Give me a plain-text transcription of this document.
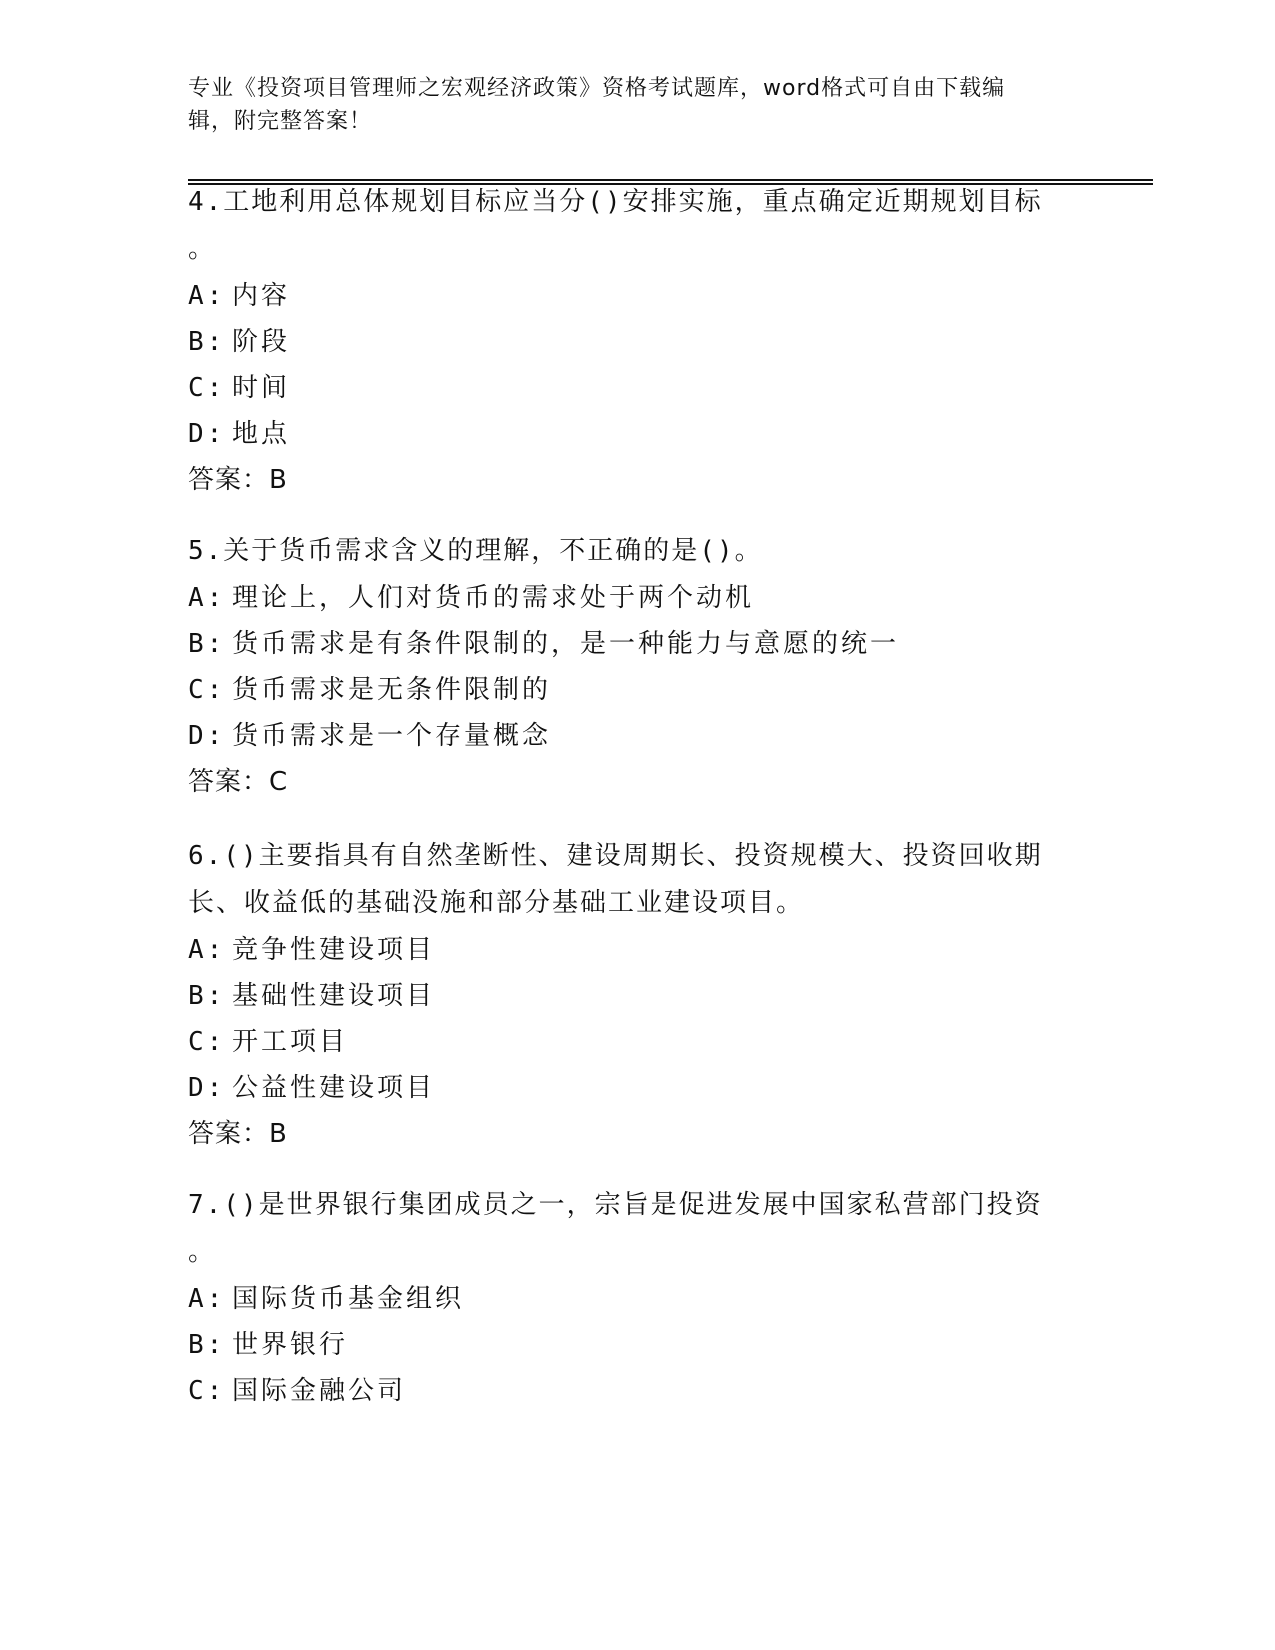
专业《投资项目管理师之宏观经济政策》资格考试题库，word格式可自由下载编
辑，附完整答案！

4.工地利用总体规划目标应当分()安排实施，重点确定近期规划目标

。

A: 内容

B: 阶段

C: 时间

D: 地点

答案：B

5.关于货币需求含义的理解，不正确的是()。

A: 理论上，人们对货币的需求处于两个动机

B: 货币需求是有条件限制的，是一种能力与意愿的统一

C: 货币需求是无条件限制的

D: 货币需求是一个存量概念

答案：C

6.()主要指具有自然垄断性、建设周期长、投资规模大、投资回收期

长、收益低的基础没施和部分基础工业建设项目。

A: 竞争性建设项目

B: 基础性建设项目

C: 开工项目

D: 公益性建设项目

答案：B

7.()是世界银行集团成员之一，宗旨是促进发展中国家私营部门投资

。

A: 国际货币基金组织

B: 世界银行

C: 国际金融公司
